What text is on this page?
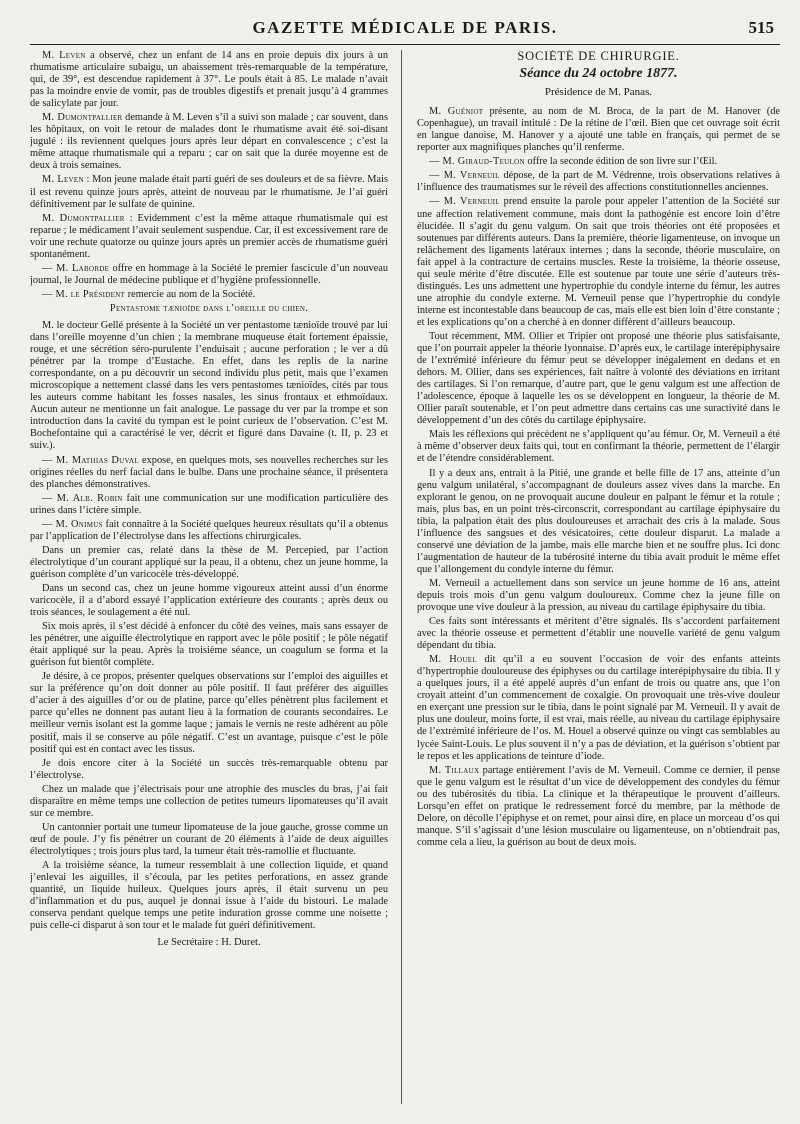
GAZETTE MÉDICALE DE PARIS.	515

M. Leven a observé, chez un enfant de 14 ans en proie depuis dix jours à un rhumatisme articulaire subaigu, un abaissement très-remarquable de la température, qui, de 39°, est descendue rapidement à 37°. Le pouls était à 85. Le malade n’avait pas la moindre envie de vomir, pas de troubles digestifs et prenait jusqu’à 4 grammes de salicylate par jour.

M. Dumontpallier demande à M. Leven s’il a suivi son malade ; car souvent, dans les hôpitaux, on voit le retour de malades dont le rhumatisme avait été soi-disant jugulé : ils reviennent quelques jours après leur départ en convalescence ; c’est la même attaque rhumatismale qui a reparu ; car on sait que la durée moyenne est de deux à trois semaines.

M. Leven : Mon jeune malade était parti guéri de ses douleurs et de sa fièvre. Mais il est revenu quinze jours après, atteint de nouveau par le rhumatisme. Je l’ai guéri définitivement par le sulfate de quinine.

M. Dumontpallier : Evidemment c’est la même attaque rhumatismale qui est reparue ; le médicament l’avait seulement suspendue. Car, il est excessivement rare de voir une rechute quatorze ou quinze jours après un premier accès de rhumatisme guéri spontanément.

— M. Laborde offre en hommage à la Société le premier fascicule d’un nouveau journal, le Journal de médecine publique et d’hygiène professionnelle.

— M. le Président remercie au nom de la Société.

Pentastome tænioïde dans l’oreille du chien.

M. le docteur Gellé présente à la Société un ver pentastome tænioïde trouvé par lui dans l’oreille moyenne d’un chien ; la membrane muqueuse était fortement épaissie, rouge, et une sécrétion séro-purulente l’enduisait ; aucune perforation ; le ver a dû pénétrer par la trompe d’Eustache. En effet, dans les replis de la narine correspondante, on a pu découvrir un second individu plus petit, mais que l’examen microscopique a nettement classé dans les vers pentastomes tænioïdes, cités par tous les auteurs comme habitant les fosses nasales, les sinus frontaux et ethmoïdaux. Aucun auteur ne mentionne un fait analogue. Le passage du ver par la trompe et son introduction dans la cavité du tympan est le point curieux de l’observation. C’est M. Bochefontaine qui a caractérisé le ver, décrit et figuré dans Davaine (t. II, p. 23 et suiv.).

— M. Mathias Duval expose, en quelques mots, ses nouvelles recherches sur les origines réelles du nerf facial dans le bulbe. Dans une prochaine séance, il présentera des planches démonstratives.

— M. Alb. Robin fait une communication sur une modification particulière des urines dans l’ictère simple.

— M. Onimus fait connaître à la Société quelques heureux résultats qu’il a obtenus par l’application de l’électrolyse dans les affections chirurgicales.

Dans un premier cas, relaté dans la thèse de M. Percepied, par l’action électrolytique d’un courant appliqué sur la peau, il a obtenu, chez un jeune homme, la guérison complète d’un varicocèle très-développé.

Dans un second cas, chez un jeune homme vigoureux atteint aussi d’un énorme varicocèle, il a d’abord essayé l’application extérieure des courants ; après deux ou trois séances, le soulagement a été nul.

Six mois après, il s’est décidé à enfoncer du côté des veines, mais sans essayer de les pénétrer, une aiguille électrolytique en rapport avec le pôle positif ; le pôle négatif était appliqué sur la peau. Après la troisième séance, un coagulum se forma et la guérison fut bientôt complète.

Je désire, à ce propos, présenter quelques observations sur l’emploi des aiguilles et sur la préférence qu’on doit donner au pôle positif. Il faut préférer des aiguilles d’acier à des aiguilles d’or ou de platine, parce qu’elles pénètrent plus facilement et parce qu’elles ne donnent pas autant lieu à la formation de courants secondaires. Le meilleur vernis isolant est la gomme laque ; jamais le vernis ne reste adhérent au pôle positif, mais il se conserve au pôle négatif. C’est un avantage, puisque c’est le pôle positif qui est en contact avec les tissus.

Je dois encore citer à la Société un succès très-remarquable obtenu par l’électrolyse.

Chez un malade que j’électrisais pour une atrophie des muscles du bras, j’ai fait disparaître en même temps une collection de petites tumeurs lipomateuses qu’il avait sur ce membre.

Un cantonnier portait une tumeur lipomateuse de la joue gauche, grosse comme un œuf de poule. J’y fis pénétrer un courant de 20 éléments à l’aide de deux aiguilles électrolytiques ; trois jours plus tard, la tumeur était très-ramollie et fluctuante.

A la troisième séance, la tumeur ressemblait à une collection liquide, et quand j’enlevai les aiguilles, il s’écoula, par les petites perforations, en assez grande quantité, un liquide huileux. Quelques jours après, il était survenu un peu d’inflammation et du pus, auquel je donnai issue à l’aide du bistouri. Le malade conserva pendant quelque temps une petite induration grosse comme une noisette ; puis celle-ci disparut à son tour et le malade fut guéri définitivement.

Le Secrétaire : H. Duret.
SOCIÉTÉ DE CHIRURGIE.
Séance du 24 octobre 1877.
Présidence de M. Panas.

M. Guéniot présente, au nom de M. Broca, de la part de M. Hanover (de Copenhague), un travail intitulé : De la rétine de l’œil. Bien que cet ouvrage soit écrit en langue danoise, M. Hanover y a ajouté une table en français, qui permet de se reporter aux magnifiques planches qu’il renferme.

— M. Giraud-Teulon offre la seconde édition de son livre sur l’Œil.

— M. Verneuil dépose, de la part de M. Védrenne, trois observations relatives à l’influence des traumatismes sur le réveil des affections constitutionnelles anciennes.

— M. Verneuil prend ensuite la parole pour appeler l’attention de la Société sur une affection relativement commune, mais dont la pathogénie est encore loin d’être élucidée. Il s’agit du genu valgum. On sait que trois théories ont été proposées et soutenues par différents auteurs. Dans la première, théorie ligamenteuse, on invoque un relâchement des ligaments latéraux internes ; dans la seconde, théorie musculaire, on fait appel à la contracture de certains muscles. Reste la troisième, la théorie osseuse, qui seule mérite d’être discutée. Elle est soutenue par toute une série d’auteurs très-distingués. Les uns admettent une hypertrophie du condyle interne du fémur, les autres une atrophie du condyle externe. M. Verneuil pense que l’hypertrophie du condyle interne est incontestable dans beaucoup de cas, mais elle est bien loin d’être constante ; et les explications qu’on a cherché à en donner diffèrent d’ailleurs beaucoup.

Tout récemment, MM. Ollier et Tripier ont proposé une théorie plus satisfaisante, que l’on pourrait appeler la théorie lyonnaise. D’après eux, le cartilage interépiphysaire de l’extrémité inférieure du fémur peut se développer inégalement en dedans et en dehors. M. Ollier, dans ses expériences, fait naître à volonté des déviations en irritant des cartilages. Si l’on remarque, d’autre part, que le genu valgum est une affection de l’adolescence, époque à laquelle les os se développent en longueur, la théorie de M. Ollier paraît soutenable, et l’on peut admettre dans certains cas une suractivité dans le développement d’un des côtés du cartilage épiphysaire.

Mais les réflexions qui précèdent ne s’appliquent qu’au fémur. Or, M. Verneuil a été à même d’observer deux faits qui, tout en confirmant la théorie, permettent de l’élargir et de l’étendre considérablement.

Il y a deux ans, entrait à la Pitié, une grande et belle fille de 17 ans, atteinte d’un genu valgum unilatéral, s’accompagnant de douleurs assez vives dans la marche. En explorant le genou, on ne provoquait aucune douleur en palpant le fémur et la rotule ; mais, plus bas, en un point très-circonscrit, correspondant au cartilage épiphysaire du tibia, la palpation était des plus douloureuses et arrachait des cris à la malade. Sous l’influence des sangsues et des vésicatoires, cette douleur disparut. La malade a conservé une déviation de la jambe, mais elle marche bien et ne souffre plus. Ici donc l’augmentation de hauteur de la tubérosité interne du tibia avait produit le même effet que l’allongement du condyle interne du fémur.

M. Verneuil a actuellement dans son service un jeune homme de 16 ans, atteint depuis trois mois d’un genu valgum douloureux. Comme chez la jeune fille on provoque une vive douleur à la pression, au niveau du cartilage épiphysaire du tibia.

Ces faits sont intéressants et méritent d’être signalés. Ils s’accordent parfaitement avec la théorie osseuse et permettent d’établir une nouvelle variété de genu valgum dépendant du tibia.

M. Houel dit qu’il a eu souvent l’occasion de voir des enfants atteints d’hypertrophie douloureuse des épiphyses ou du cartilage interépiphysaire du tibia. Il y a quelques jours, il a été appelé auprès d’un enfant de trois ou quatre ans, que l’on croyait atteint d’un commencement de coxalgie. On provoquait une très-vive douleur en exerçant une pression sur le tibia, dans le point signalé par M. Verneuil. Il y avait de plus une douleur, moins forte, il est vrai, mais réelle, au niveau du cartilage épiphysaire de l’extrémité inférieure de l’os. M. Houel a observé quinze ou vingt cas semblables au lycée Saint-Louis. Le plus souvent il n’y a pas de déviation, et la guérison s’obtient par le repos et les applications de teinture d’iode.

M. Tillaux partage entièrement l’avis de M. Verneuil. Comme ce dernier, il pense que le genu valgum est le résultat d’un vice de développement des condyles du fémur ou des tubérosités du tibia. La clinique et la thérapeutique le prouvent d’ailleurs. Lorsqu’en effet on pratique le redressement forcé du membre, par la méthode de Delore, on décolle l’épiphyse et on remet, pour ainsi dire, en place un morceau d’os qui manque. S’il s’agissait d’une lésion musculaire ou ligamenteuse, on n’obtiendrait pas, comme cela a lieu, la guérison au bout de deux mois.
